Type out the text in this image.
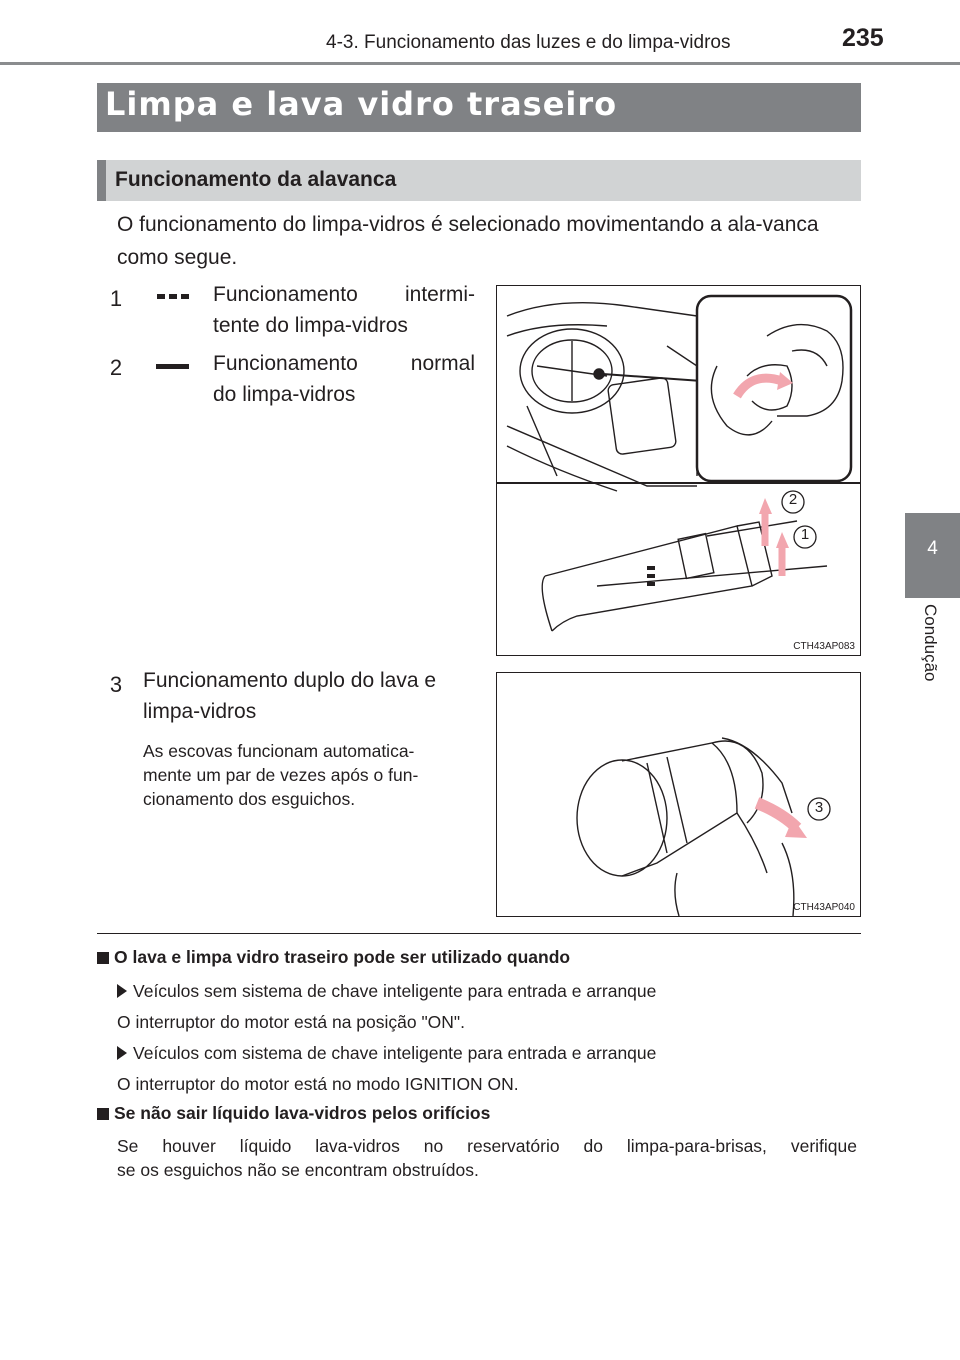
4-3. Funcionamento das luzes e do limpa-vidros	235
4
Condução
Limpa e lava vidro traseiro
Funcionamento da alavanca
O funcionamento do limpa-vidros é selecionado movimentando a ala-vanca como segue.
1	Funcionamento intermi-
tente do limpa-vidros
2	Funcionamento normal
do limpa-vidros
3 Funcionamento duplo do lava e
limpa-vidros
As escovas funcionam automatica-
mente um par de vezes após o fun-
cionamento dos esguichos.
2
1
CTH43AP083
3
CTH43AP040
O lava e limpa vidro traseiro pode ser utilizado quando
Veículos sem sistema de chave inteligente para entrada e arranque
O interruptor do motor está na posição "ON".
Veículos com sistema de chave inteligente para entrada e arranque
O interruptor do motor está no modo IGNITION ON.
Se não sair líquido lava-vidros pelos orifícios
Se houver líquido lava-vidros no reservatório do limpa-para-brisas, verifique
se os esguichos não se encontram obstruídos.
